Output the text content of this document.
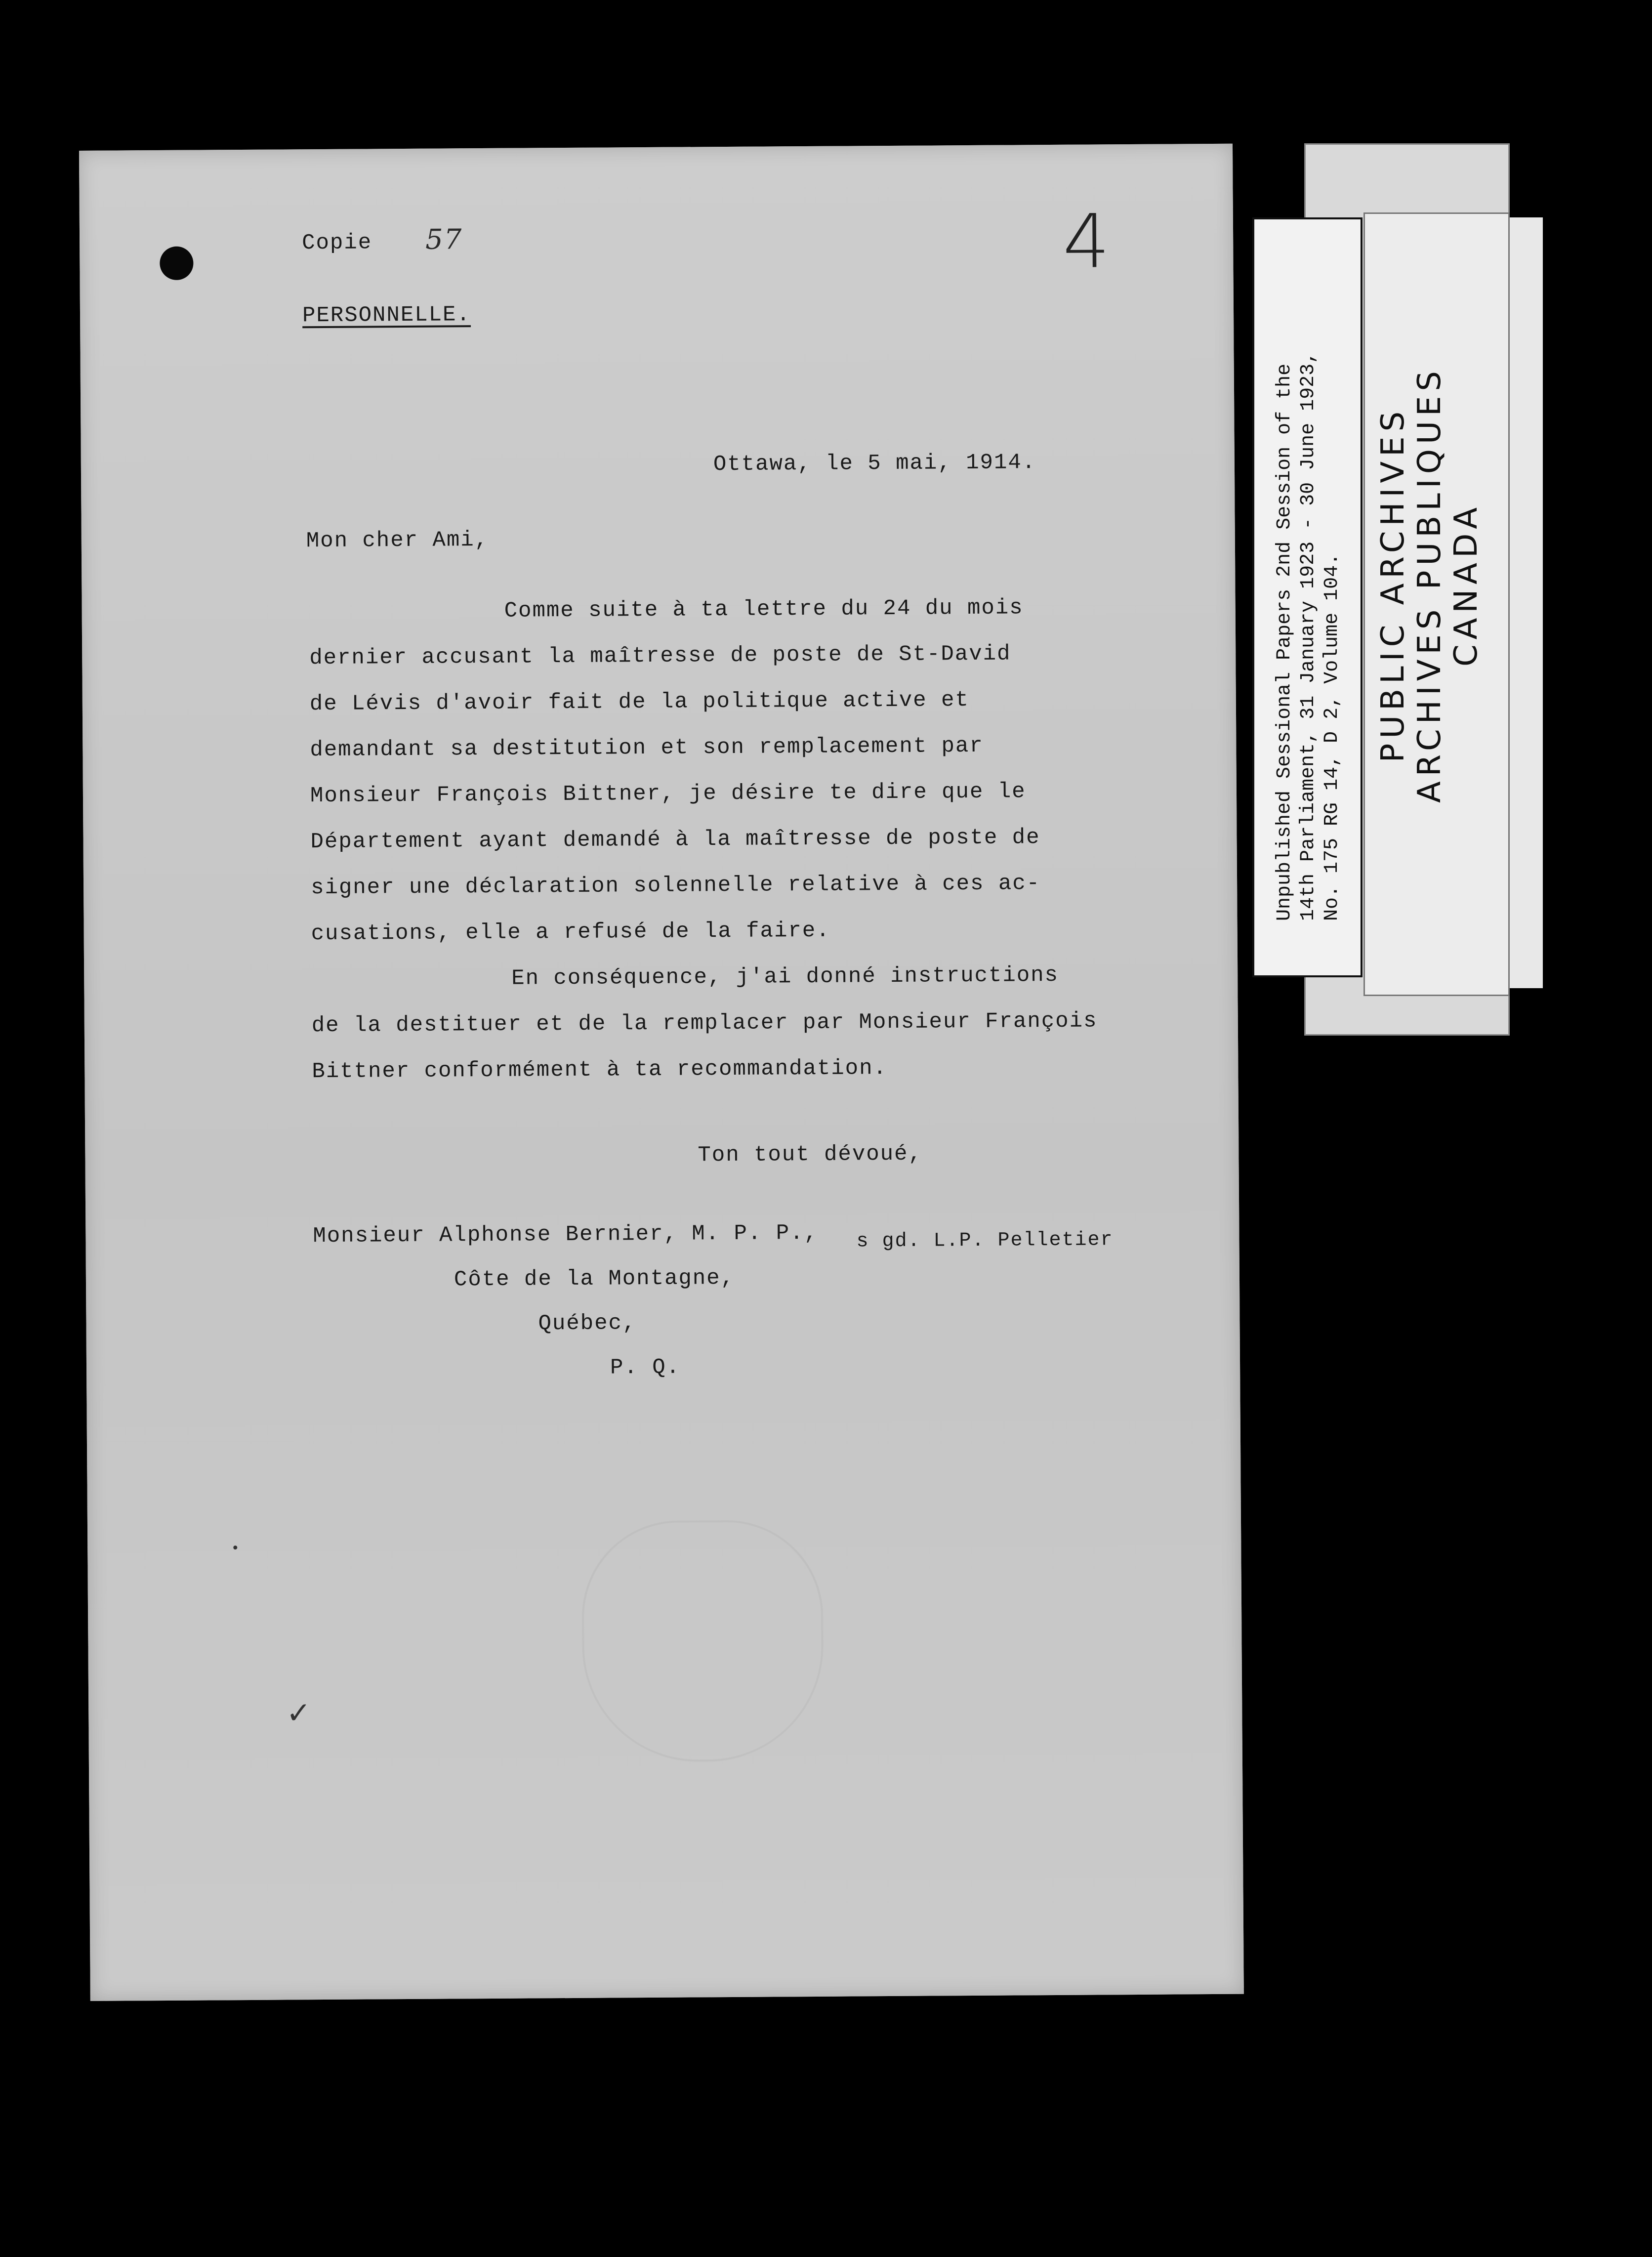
Copie 57	4
PERSONNELLE.
Ottawa, le 5 mai, 1914.
Mon cher Ami,
Comme suite à ta lettre du 24 du mois
dernier accusant la maîtresse de poste de St-David
de Lévis d'avoir fait de la politique active et
demandant sa destitution et son remplacement par
Monsieur François Bittner, je désire te dire que le
Département ayant demandé à la maîtresse de poste de
signer une déclaration solennelle relative à ces ac-
cusations, elle a refusé de la faire.
En conséquence, j'ai donné instructions
de la destituer et de la remplacer par Monsieur François
Bittner conformément à ta recommandation.
Ton tout dévoué,
Monsieur Alphonse Bernier, M. P. P.,
Côte de la Montagne,
Québec,
P. Q.
s gd. L.P. Pelletier
✓
PUBLIC ARCHIVES ARCHIVES PUBLIQUES CANADA
Unpublished Sessional Papers 2nd Session of the 14th Parliament, 31 January 1923 - 30 June 1923, No. 175 RG 14, D 2, Volume 104.
